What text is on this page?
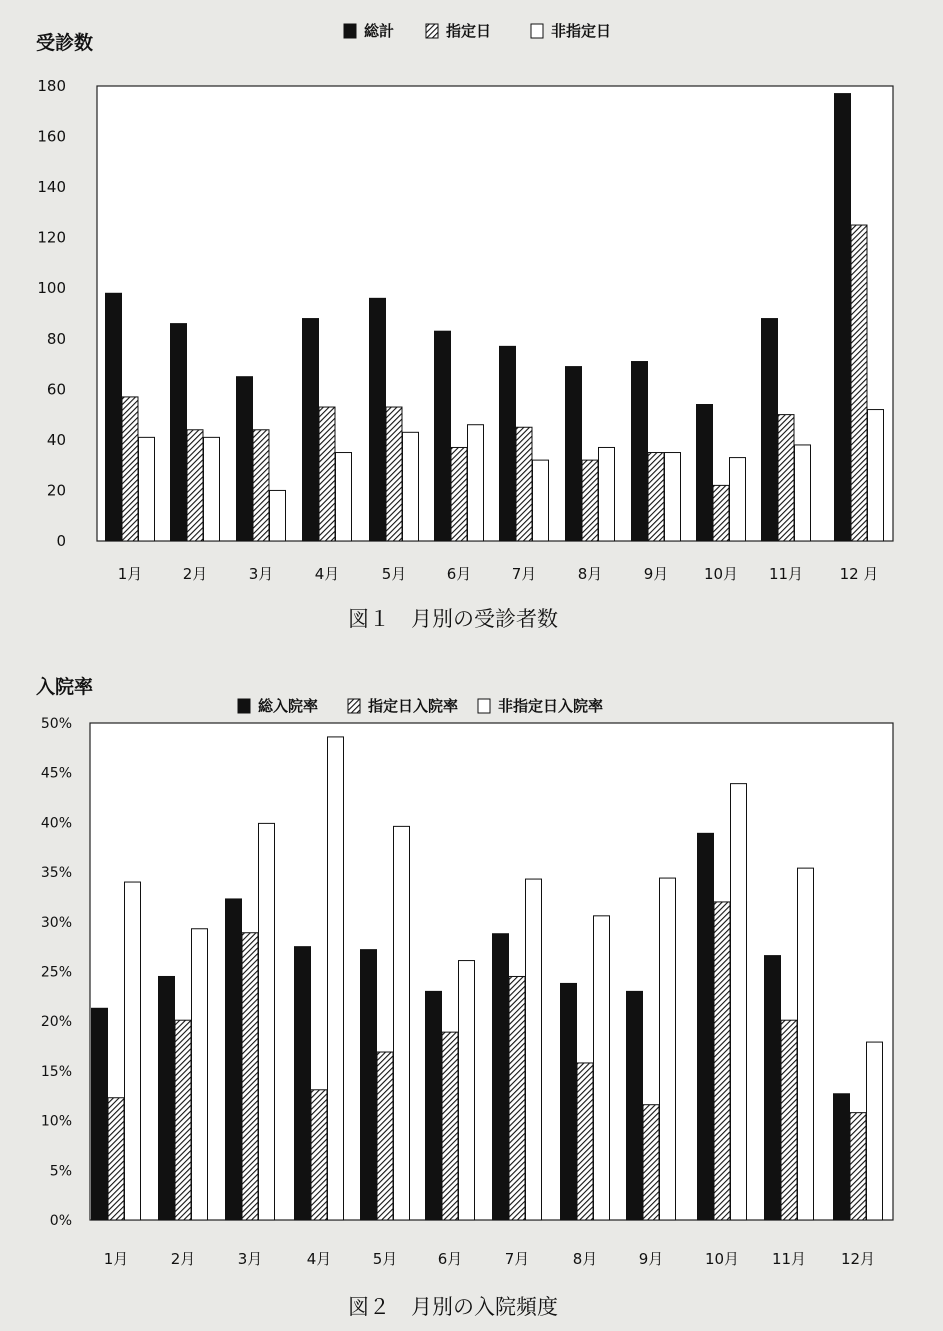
受診数
0
20
40
60
80
100
120
140
160
180
1月	2月	3月	4月	5月	6月	7月	8月	9月 10月 11月 12 月
総計	指定日	非指定日
図１　月別の受診者数
入院率
0%
5%
10%
15%
20%
25%
30%
35%
40%
45%
50%
1月	2月	3月	4月	5月	6月	7月	8月	9月	10月 11月 12月
総入院率	指定日入院率	非指定日入院率
図２　月別の入院頻度
